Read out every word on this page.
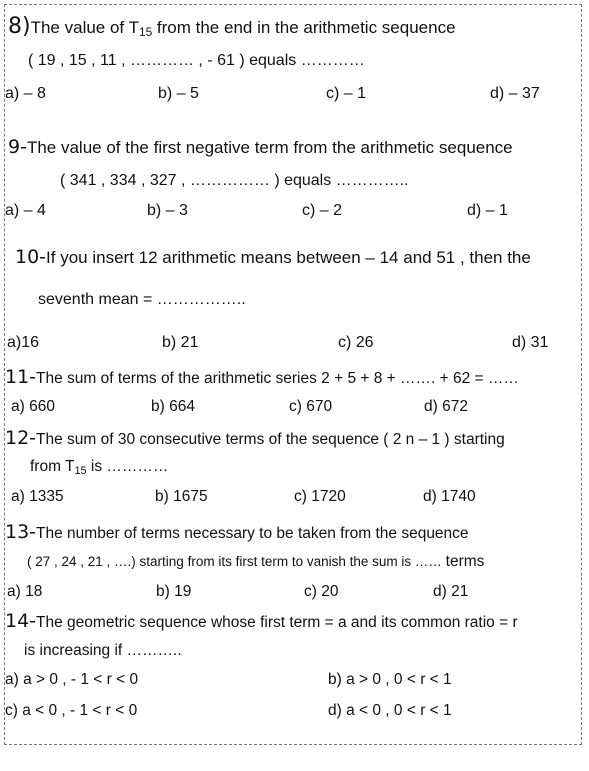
8)The value of $T_{15}$ from the end in the arithmetic sequence
( 19 , 15 , 11 , ………… , - 61 ) equals …………
a) – 8	b) – 5	c) – 1	d) – 37
9-The value of the first negative term from the arithmetic sequence
( 341 , 334 , 327 , …………… ) equals …………..
a) – 4	b) – 3	c) – 2	d) – 1
10-If you insert 12 arithmetic means between – 14 and 51 , then the
seventh mean = ……………..
a)16	b) 21	c) 26	d) 31
11-The sum of terms of the arithmetic series 2 + 5 + 8 + ……. + 62 = ……
a) 660	b) 664	c) 670	d) 672
12-The sum of 30 consecutive terms of the sequence ( 2 n – 1 ) starting
from $T_{15}$ is …………
a) 1335	b) 1675	c) 1720	d) 1740
13-The number of terms necessary to be taken from the sequence
( 27 , 24 , 21 , ….) starting from its first term to vanish the sum is …… terms
a) 18	b) 19	c) 20	d) 21
14-The geometric sequence whose first term = a and its common ratio = r
is increasing if ………..
a) a > 0 , - 1 < r < 0	b) a > 0 , 0 < r < 1
c) a < 0 , - 1 < r < 0	d) a < 0 , 0 < r < 1
